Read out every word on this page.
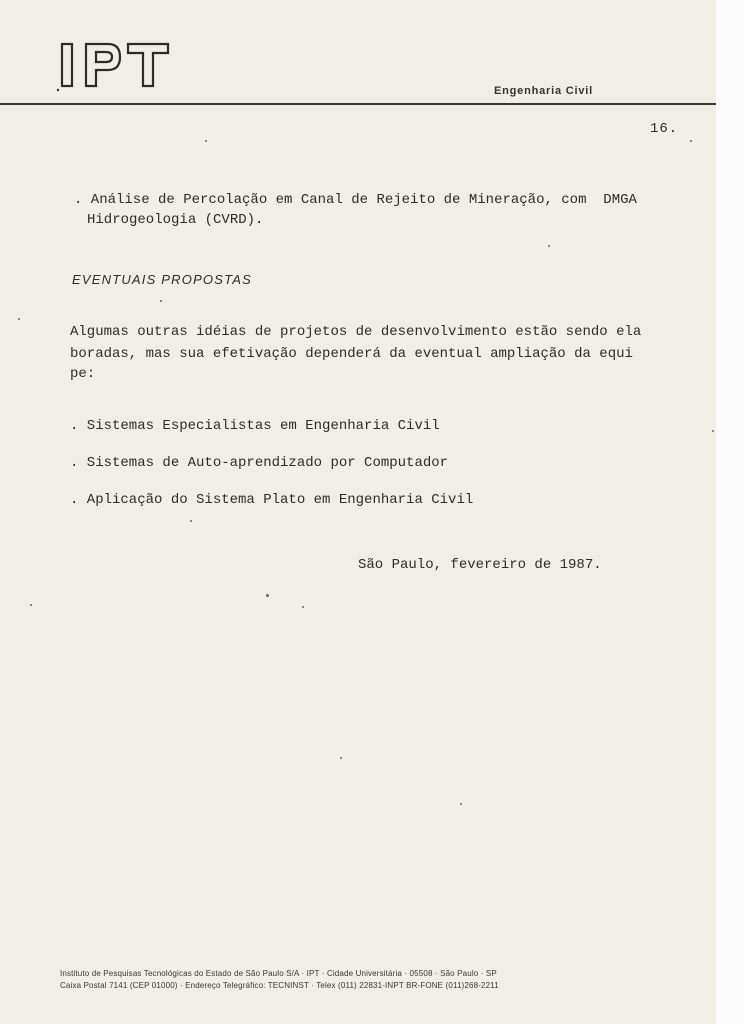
Engenharia Civil
16.
. Análise de Percolação em Canal de Rejeito de Mineração, com  DMGA
Hidrogeologia (CVRD).
EVENTUAIS PROPOSTAS
Algumas outras idéias de projetos de desenvolvimento estão sendo ela
boradas, mas sua efetivação dependerá da eventual ampliação da equi
pe:
. Sistemas Especialistas em Engenharia Civil
. Sistemas de Auto-aprendizado por Computador
. Aplicação do Sistema Plato em Engenharia Civil
São Paulo, fevereiro de 1987.
Instituto de Pesquisas Tecnológicas do Estado de São Paulo S/A · IPT · Cidade Universitária · 05508 · São Paulo · SP
Caixa Postal 7141 (CEP 01000) · Endereço Telegráfico: TECNINST · Telex (011) 22831-INPT BR-FONE (011)268-2211
